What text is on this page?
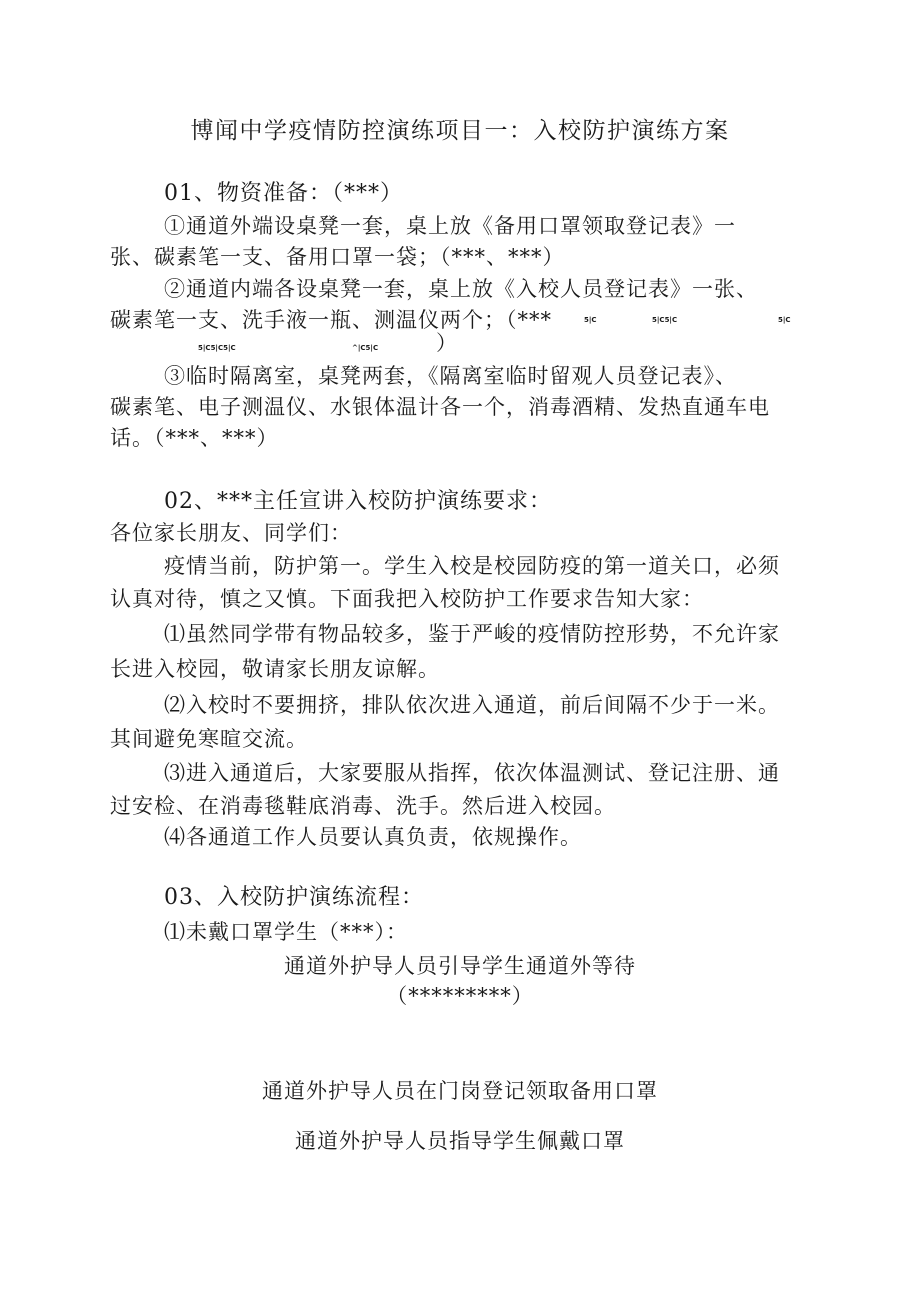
博闻中学疫情防控演练项目一：入校防护演练方案
01、物资准备：（***）
①通道外端设桌凳一套，桌上放《备用口罩领取登记表》一
张、碳素笔一支、备用口罩一袋；（***、***）
②通道内端各设桌凳一套，桌上放《入校人员登记表》一张、
碳素笔一支、洗手液一瓶、测温仪两个；（***	5|C	5|C5|C	5|C
5|C5|C5|C	^|C5|C	）
③临时隔离室，桌凳两套，《隔离室临时留观人员登记表》、
碳素笔、电子测温仪、水银体温计各一个，消毒酒精、发热直通车电
话。（***、***）
02、***主任宣讲入校防护演练要求：
各位家长朋友、同学们：
疫情当前，防护第一。学生入校是校园防疫的第一道关口，必须
认真对待，慎之又慎。下面我把入校防护工作要求告知大家：
⑴虽然同学带有物品较多，鉴于严峻的疫情防控形势，不允许家
长进入校园，敬请家长朋友谅解。
⑵入校时不要拥挤，排队依次进入通道，前后间隔不少于一米。
其间避免寒暄交流。
⑶进入通道后，大家要服从指挥，依次体温测试、登记注册、通
过安检、在消毒毯鞋底消毒、洗手。然后进入校园。
⑷各通道工作人员要认真负责，依规操作。
03、入校防护演练流程：
⑴未戴口罩学生（***）：
通道外护导人员引导学生通道外等待
（*********）
通道外护导人员在门岗登记领取备用口罩
通道外护导人员指导学生佩戴口罩
